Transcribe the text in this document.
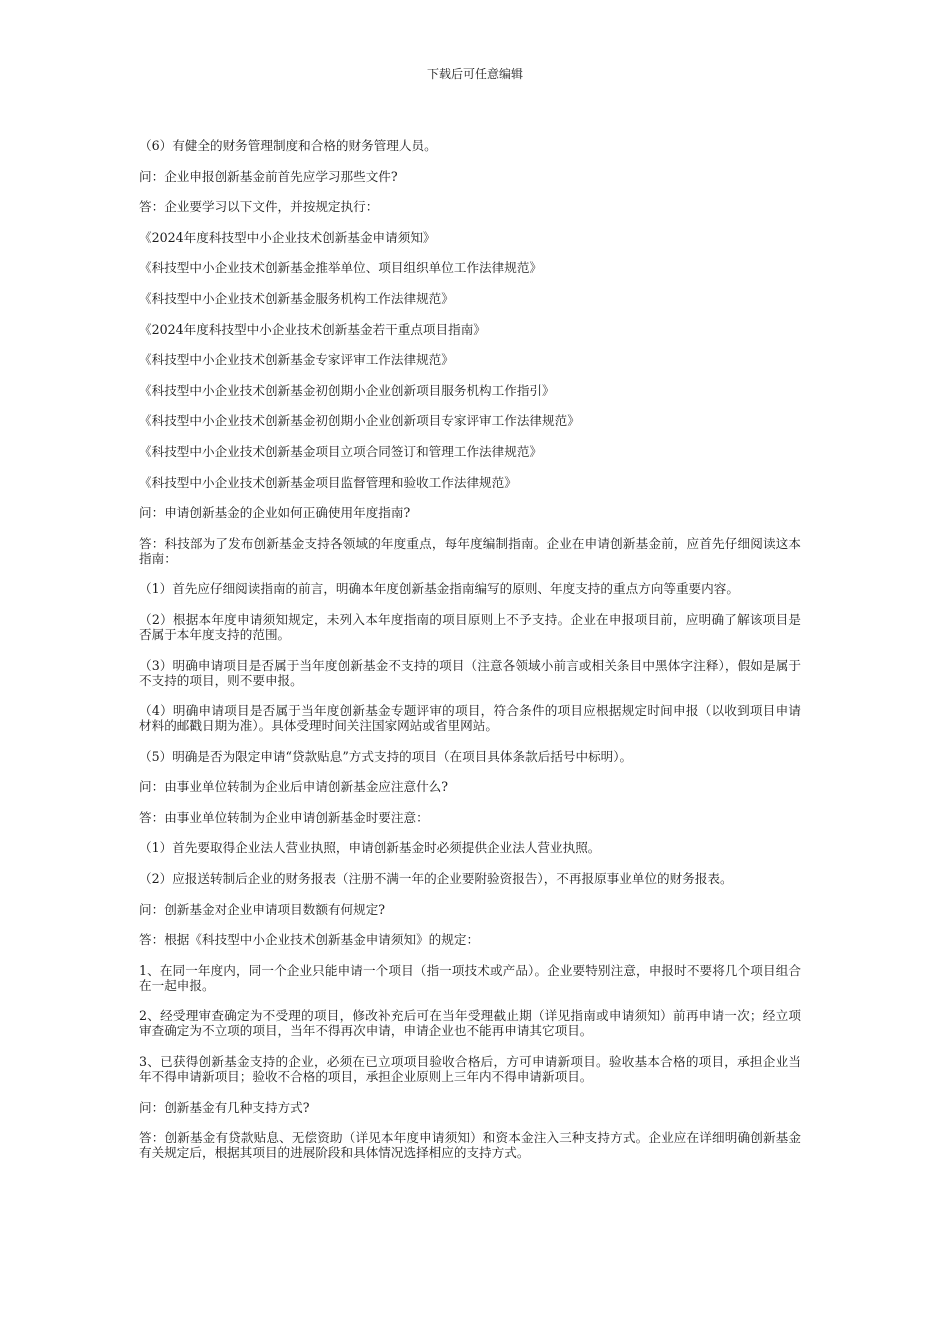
下载后可任意编辑

（6）有健全的财务管理制度和合格的财务管理人员。

问：企业申报创新基金前首先应学习那些文件?

答：企业要学习以下文件，并按规定执行：

《2024年度科技型中小企业技术创新基金申请须知》

《科技型中小企业技术创新基金推举单位、项目组织单位工作法律规范》

《科技型中小企业技术创新基金服务机构工作法律规范》

《2024年度科技型中小企业技术创新基金若干重点项目指南》

《科技型中小企业技术创新基金专家评审工作法律规范》

《科技型中小企业技术创新基金初创期小企业创新项目服务机构工作指引》

《科技型中小企业技术创新基金初创期小企业创新项目专家评审工作法律规范》

《科技型中小企业技术创新基金项目立项合同签订和管理工作法律规范》

《科技型中小企业技术创新基金项目监督管理和验收工作法律规范》

问：申请创新基金的企业如何正确使用年度指南?

答：科技部为了发布创新基金支持各领域的年度重点，每年度编制指南。企业在申请创新基金前，应首先仔细阅读这本指南：

（1）首先应仔细阅读指南的前言，明确本年度创新基金指南编写的原则、年度支持的重点方向等重要内容。

（2）根据本年度申请须知规定，未列入本年度指南的项目原则上不予支持。企业在申报项目前，应明确了解该项目是否属于本年度支持的范围。

（3）明确申请项目是否属于当年度创新基金不支持的项目（注意各领域小前言或相关条目中黑体字注释），假如是属于不支持的项目，则不要申报。

（4）明确申请项目是否属于当年度创新基金专题评审的项目，符合条件的项目应根据规定时间申报（以收到项目申请材料的邮戳日期为准）。具体受理时间关注国家网站或省里网站。

（5）明确是否为限定申请“贷款贴息”方式支持的项目（在项目具体条款后括号中标明）。

问：由事业单位转制为企业后申请创新基金应注意什么?

答：由事业单位转制为企业申请创新基金时要注意：

（1）首先要取得企业法人营业执照，申请创新基金时必须提供企业法人营业执照。

（2）应报送转制后企业的财务报表（注册不满一年的企业要附验资报告），不再报原事业单位的财务报表。

问：创新基金对企业申请项目数额有何规定?

答：根据《科技型中小企业技术创新基金申请须知》的规定：

1、在同一年度内，同一个企业只能申请一个项目（指一项技术或产品）。企业要特别注意，申报时不要将几个项目组合在一起申报。

2、经受理审查确定为不受理的项目，修改补充后可在当年受理截止期（详见指南或申请须知）前再申请一次；经立项审查确定为不立项的项目，当年不得再次申请，申请企业也不能再申请其它项目。

3、已获得创新基金支持的企业，必须在已立项项目验收合格后，方可申请新项目。验收基本合格的项目，承担企业当年不得申请新项目；验收不合格的项目，承担企业原则上三年内不得申请新项目。

问：创新基金有几种支持方式?

答：创新基金有贷款贴息、无偿资助（详见本年度申请须知）和资本金注入三种支持方式。企业应在详细明确创新基金有关规定后，根据其项目的进展阶段和具体情况选择相应的支持方式。
